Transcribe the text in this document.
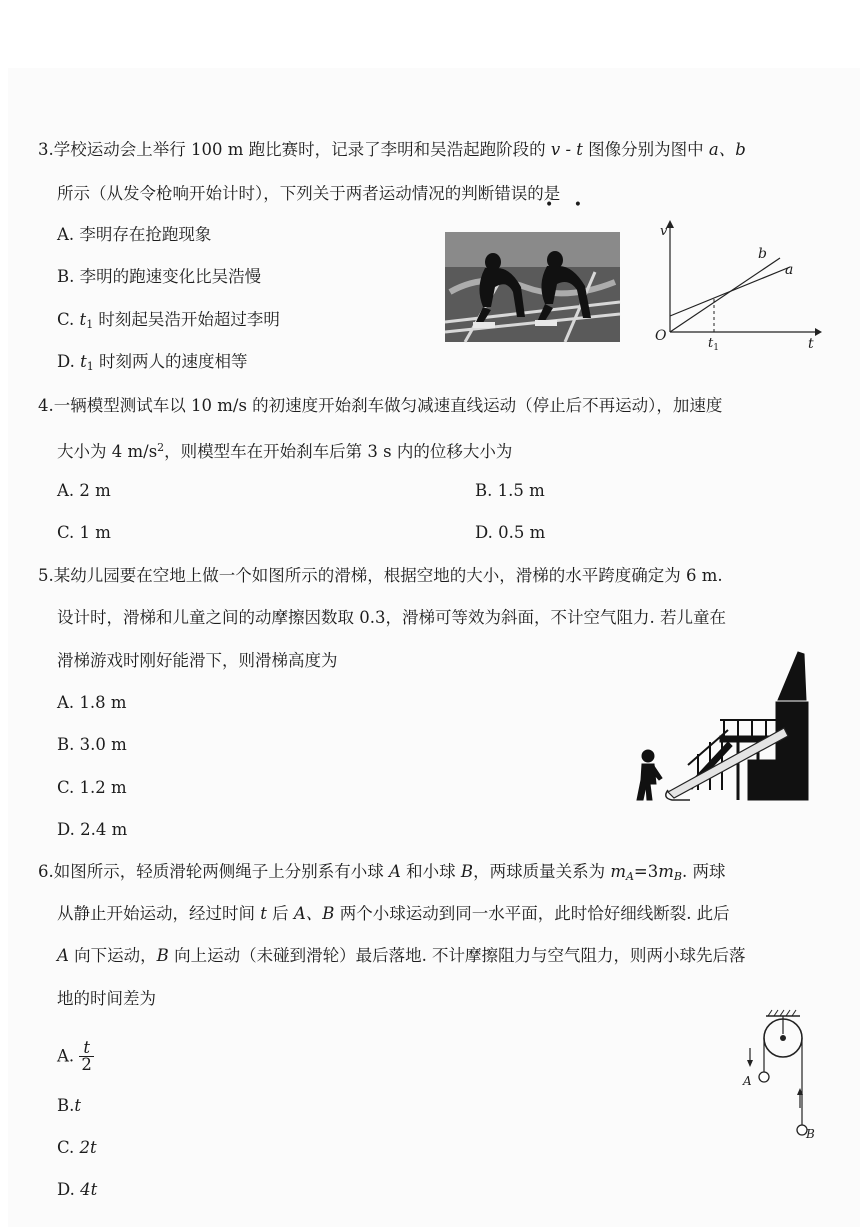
3.学校运动会上举行 100 m 跑比赛时，记录了李明和吴浩起跑阶段的 v - t 图像分别为图中 a、b
所示（从发令枪响开始计时），下列关于两者运动情况的判断错误的是
• •
A. 李明存在抢跑现象
B. 李明的跑速变化比吴浩慢
C. $t_1$ 时刻起吴浩开始超过李明
D. $t_1$ 时刻两人的速度相等
v
t
O
b
a
$t_1$
4.一辆模型测试车以 10 m/s 的初速度开始刹车做匀减速直线运动（停止后不再运动），加速度
大小为 4 $m/s^2$，则模型车在开始刹车后第 3 s 内的位移大小为
A. 2 m	B. 1.5 m
C. 1 m	D. 0.5 m
5.某幼儿园要在空地上做一个如图所示的滑梯，根据空地的大小，滑梯的水平跨度确定为 6 m.
设计时，滑梯和儿童之间的动摩擦因数取 0.3，滑梯可等效为斜面，不计空气阻力. 若儿童在
滑梯游戏时刚好能滑下，则滑梯高度为
A. 1.8 m
B. 3.0 m
C. 1.2 m
D. 2.4 m
6.如图所示，轻质滑轮两侧绳子上分别系有小球 A 和小球 B，两球质量关系为 $m_A=3m_B$. 两球
从静止开始运动，经过时间 t 后 A、B 两个小球运动到同一水平面，此时恰好细线断裂. 此后
A 向下运动，B 向上运动（未碰到滑轮）最后落地. 不计摩擦阻力与空气阻力，则两小球先后落
地的时间差为
A. $\frac{t}{2}$
B.t
C. 2t
D. 4t
A
B
